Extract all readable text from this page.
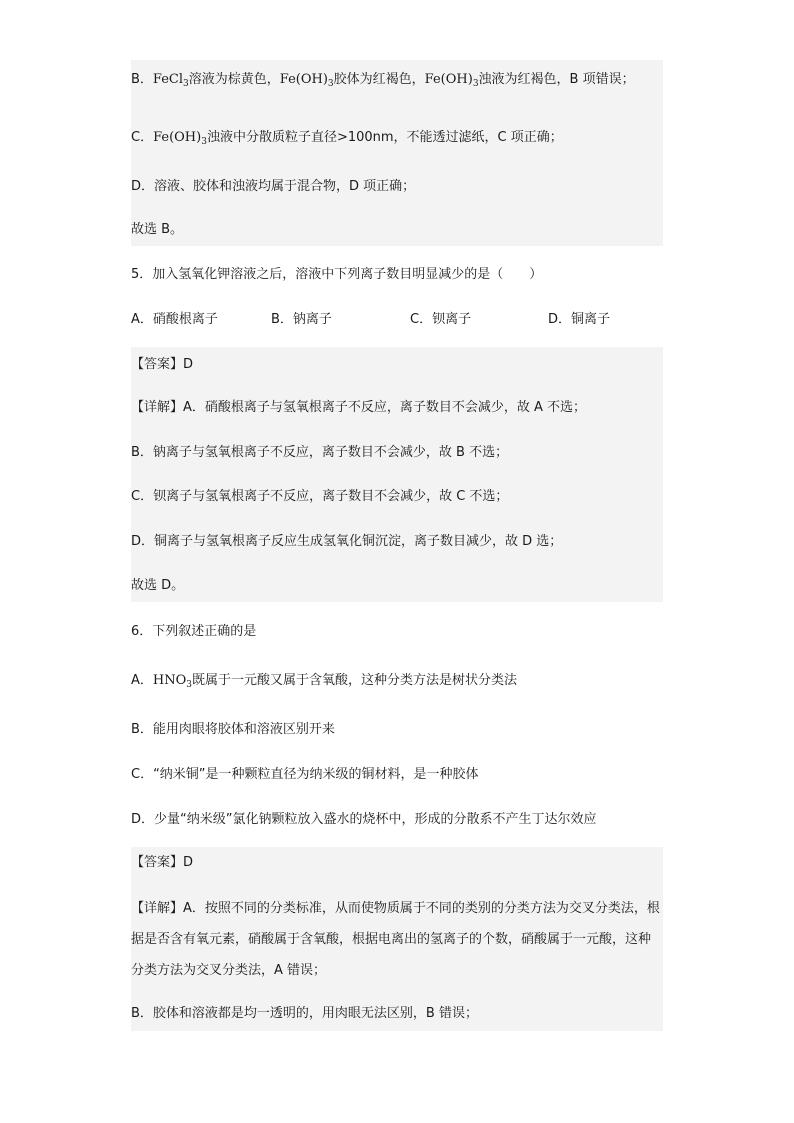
B．FeCl$_3$溶液为棕黄色，$Fe(OH)_3$胶体为红褐色，$Fe(OH)_3$浊液为红褐色，B 项错误；
C．$Fe(OH)_3$浊液中分散质粒子直径>100nm，不能透过滤纸，C 项正确；
D．溶液、胶体和浊液均属于混合物，D 项正确；
故选 B。
5．加入氢氧化钾溶液之后，溶液中下列离子数目明显减少的是（　　）
A．硝酸根离子	B．钠离子	C．钡离子	D．铜离子
【答案】D
【详解】A．硝酸根离子与氢氧根离子不反应，离子数目不会减少，故 A 不选；
B．钠离子与氢氧根离子不反应，离子数目不会减少，故 B 不选；
C．钡离子与氢氧根离子不反应，离子数目不会减少，故 C 不选；
D．铜离子与氢氧根离子反应生成氢氧化铜沉淀，离子数目减少，故 D 选；
故选 D。
6．下列叙述正确的是
A．$HNO_3$既属于一元酸又属于含氧酸，这种分类方法是树状分类法
B．能用肉眼将胶体和溶液区别开来
C．“纳米铜”是一种颗粒直径为纳米级的铜材料，是一种胶体
D．少量“纳米级”氯化钠颗粒放入盛水的烧杯中，形成的分散系不产生丁达尔效应
【答案】D
【详解】A．按照不同的分类标准，从而使物质属于不同的类别的分类方法为交叉分类法，根据是否含有氧元素，硝酸属于含氧酸，根据电离出的氢离子的个数，硝酸属于一元酸，这种分类方法为交叉分类法，A 错误；
B．胶体和溶液都是均一透明的，用肉眼无法区别，B 错误；
